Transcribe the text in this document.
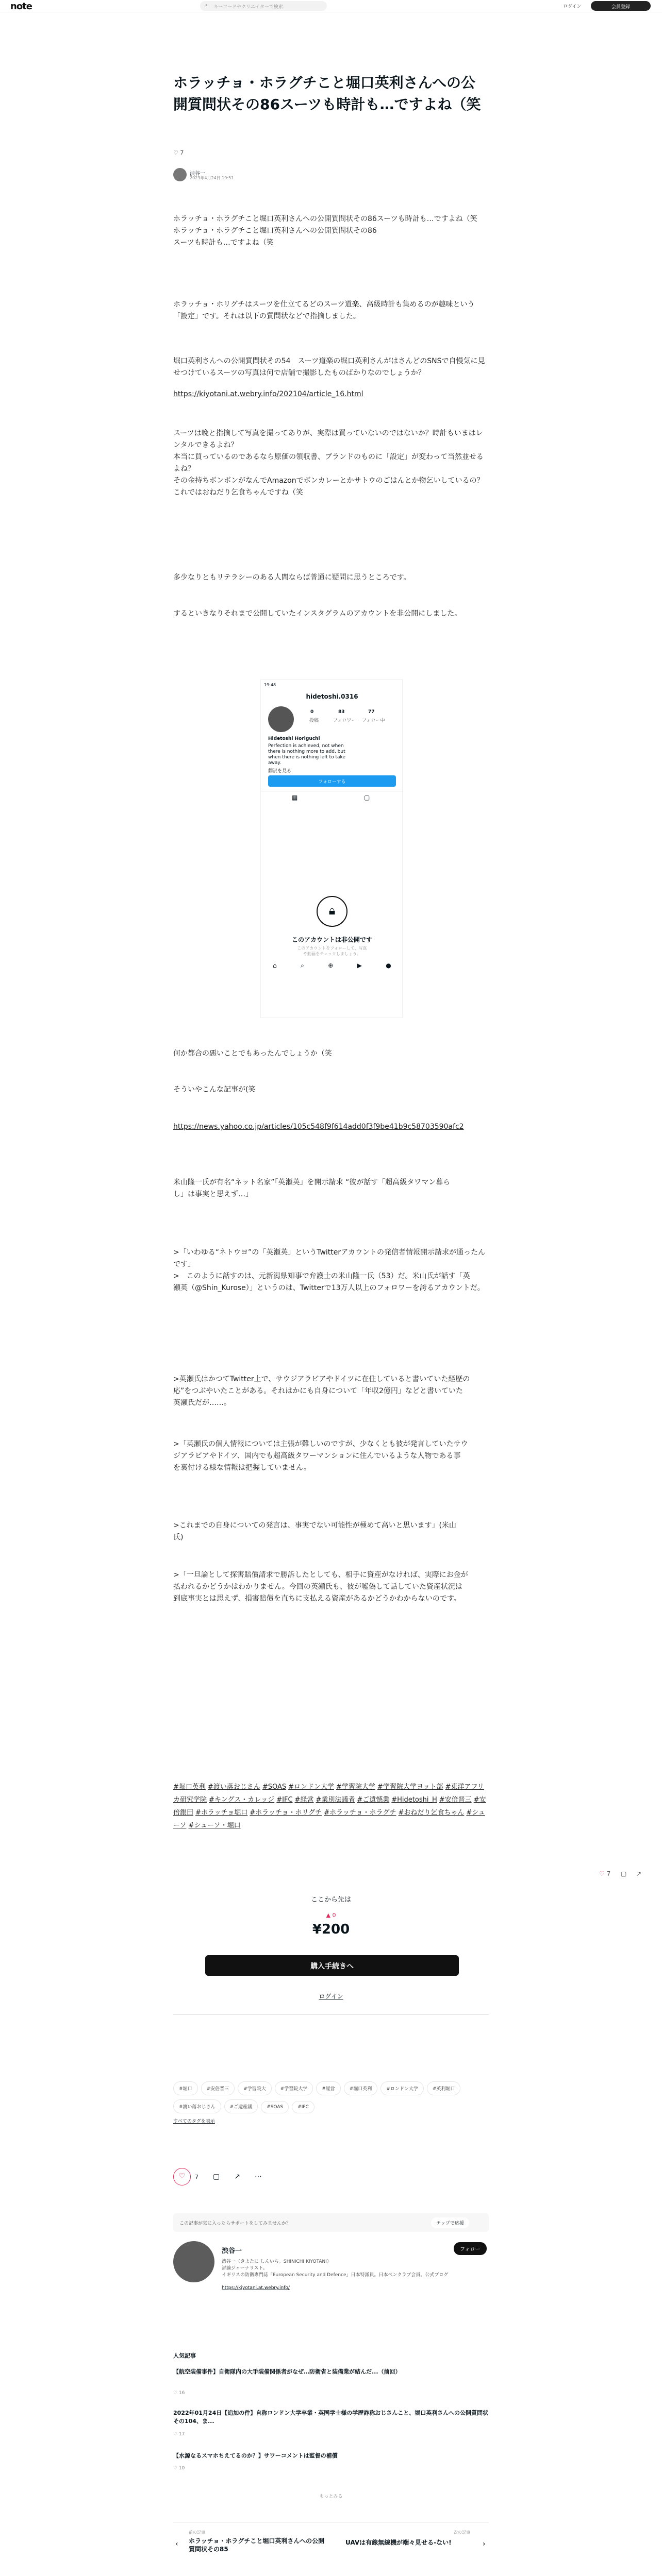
note	⌕ キーワードやクリエイターで検索	ログイン	会員登録
ホラッチョ・ホラグチこと堀口英利さんへの公開質問状その86スーツも時計も…ですよね（笑
♡ 7
渋谷一
2023年4月24日 19:51
ホラッチョ・ホラグチこと堀口英利さんへの公開質問状その86スーツも時計も…ですよね（笑
ホラッチョ・ホラグチこと堀口英利さんへの公開質問状その86
スーツも時計も…ですよね（笑
ホラッチョ・ホリグチはスーツを仕立てるどのスーツ道楽、高級時計も集めるのが趣味という「設定」です。それは以下の質問状などで指摘しました。
堀口英利さんへの公開質問状その54　スーツ道楽の堀口英利さんがはさんどのSNSで自慢気に見せつけているスーツの写真は何で店舗で撮影したものばかりなのでしょうか？
https://kiyotani.at.webry.info/202104/article_16.html
スーツは晩と指摘して写真を撮ってありが、実際は買っていないのではないか？時計もいまはレンタルできるよね？
本当に買っているのであるなら原価の領収書、ブランドのものに「設定」が変わって当然並せるよね？
その金持ちボンボンがなんでAmazonでボンカレーとかサトウのごはんとか物乞いしているの？　これではおねだり乞食ちゃんですね（笑
多少なりともリテラシーのある人間ならば普通に疑問に思うところです。
するといきなりそれまで公開していたインスタグラムのアカウントを非公開にしました。
19:48
hidetoshi.0316
0
投稿
83
フォロワー
77
フォロー中
Hidetoshi Horiguchi
Perfection is achieved, not when there is nothing more to add, but when there is nothing left to take away.
翻訳を見る
フォローする
▦	▢
🔒︎
このアカウントは非公開です
このアカウントをフォローして、写真や動画をチェックしましょう。
⌂	⌕	⊕	▶	●
何か都合の悪いことでもあったんでしょうか（笑
そういやこんな記事が(笑
https://news.yahoo.co.jp/articles/105c548f9f614add0f3f9be41b9c58703590afc2
米山隆一氏が有名“ネット名家”「英瀬英」を開示請求 “彼が話す「超高級タワマン暮ら
し」は事実と思えず…」
>「いわゆる“ネトウヨ”の「英瀬英」というTwitterアカウントの発信者情報開示請求が通ったんです」
>　このように話すのは、元新潟県知事で弁護士の米山隆一氏（53）だ。米山氏が話す「英
瀬英（@Shin_Kurose）」というのは、Twitterで13万人以上のフォロワーを誇るアカウントだ。
>英瀬氏はかつてTwitter上で、サウジアラビアやドイツに在住していると書いていた経歴の
応”をつぶやいたことがある。それはかにも自身について「年収2億円」などと書いていた
英瀬氏だが……。
>「英瀬氏の個人情報については主張が難しいのですが、少なくとも彼が発言していたサウ
ジアラビアやドイツ、国内でも超高級タワーマンションに住んでいるような人物である事
を裏付ける様な情報は把握していません。
>これまでの自身についての発言は、事実でない可能性が極めて高いと思います」(米山
氏)
>「一旦論として探害賠償請求で勝訴したとしても、相手に資産がなければ、実際にお金が
払われるかどうかはわかりません。今回の英瀬氏も、彼が嘘偽して話していた資産状況は
到底事実とは思えず、損害賠償を直ちに支払える資産があるかどうかわからないのです。
#堀口英利 #渡い落おじさん #SOAS #ロンドン大学 #学習院大学 #学習院大学ヨット部 #東洋アフリカ研究学院 #キングス・カレッジ #IFC #経営 #業別法議者 #ご遺憾業 #Hidetoshi_H #安倍晋三 #安倍銀田 #ホラッチョ堀口 #ホラッチョ・ホリグチ #ホラッチョ・ホラグチ #おねだり乞食ちゃん #シューソ #シューソ・堀口
ここから先は
▲ 0
¥200
購入手続きへ
ログイン
♡ 7 ▢ ↗
#堀口	#安倍晋三	#学習院大	#学習院大学	#経営	#堀口英利	#ロンドン大学	#英利堀口#渡い落おじさん	#ご遺産議	#SOAS	#IFC
すべてのタグを表示
♡	7 ▢ ↗ ⋯
この記事が気に入ったらサポートをしてみませんか？	チップで応援
渋谷一	フォロー
渋谷一（きよたに しんいち。SHINICHI KIYOTANI）
評論ジャーナリスト。
イギリスの防衛専門誌「European Security and Defence」日本特派員。日本ペンクラブ会員。公式ブログ
https://kiyotani.at.webry.info/
人気記事
【航空装備事件】自衛隊内の大手装備関係者がなぜ…防衛省と装備業が結んだ...（前回）
♡ 16
2022年01月24日【追加の件】自称ロンドン大学卒業・英国学士様の学歴詐称おじさんこと、堀口英利さんへの公開質問状その104、ま...
♡ 17
【水源なるスマホちえてるのか？】サワーコメントは監督の補償
♡ 10
もっとみる
前の記事
ホラッチョ・ホラグチこと堀口英利さんへの公開質問状その85
‹
次の記事
UAVは有線無線機が端々見せる-ない!	›
